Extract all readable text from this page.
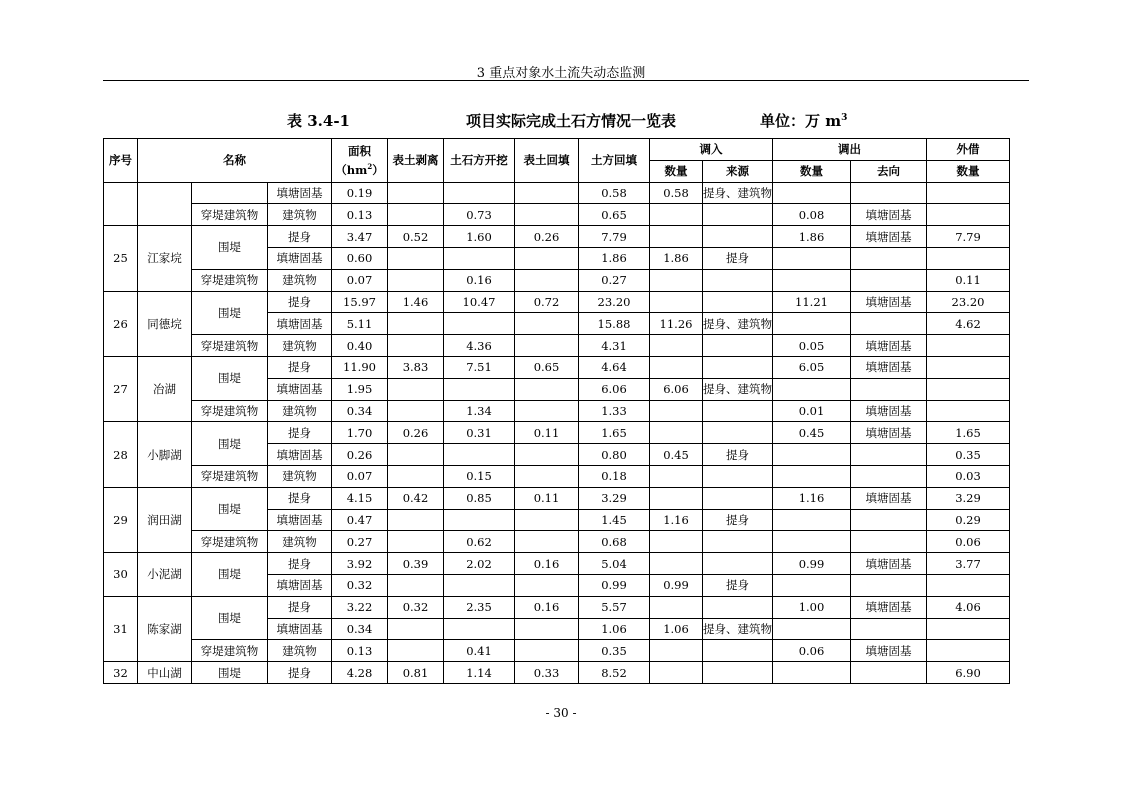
3 重点对象水土流失动态监测
表 3.4-1	项目实际完成土石方情况一览表	单位：万 $m^3$
序号	名称			面积
$(hm^2)$	表土剥离	土石方开挖	表土回填	土方回填	调入		调出		外借
									数量	来源	数量	去向	数量
			填塘固基	0.19				0.58	0.58	提身、建筑物			
		穿堤建筑物	建筑物	0.13		0.73		0.65			0.08	填塘固基	
25	江家垸	围堤	提身	3.47	0.52	1.60	0.26	7.79			1.86	填塘固基	7.79
			填塘固基	0.60				1.86	1.86	提身			
		穿堤建筑物	建筑物	0.07		0.16		0.27					0.11
26	同德垸	围堤	提身	15.97	1.46	10.47	0.72	23.20			11.21	填塘固基	23.20
			填塘固基	5.11				15.88	11.26	提身、建筑物			4.62
		穿堤建筑物	建筑物	0.40		4.36		4.31			0.05	填塘固基	
27	冶湖	围堤	提身	11.90	3.83	7.51	0.65	4.64			6.05	填塘固基	
			填塘固基	1.95				6.06	6.06	提身、建筑物			
		穿堤建筑物	建筑物	0.34		1.34		1.33			0.01	填塘固基	
28	小脚湖	围堤	提身	1.70	0.26	0.31	0.11	1.65			0.45	填塘固基	1.65
			填塘固基	0.26				0.80	0.45	提身			0.35
		穿堤建筑物	建筑物	0.07		0.15		0.18					0.03
29	润田湖	围堤	提身	4.15	0.42	0.85	0.11	3.29			1.16	填塘固基	3.29
			填塘固基	0.47				1.45	1.16	提身			0.29
		穿堤建筑物	建筑物	0.27		0.62		0.68					0.06
30	小泥湖	围堤	提身	3.92	0.39	2.02	0.16	5.04			0.99	填塘固基	3.77
			填塘固基	0.32				0.99	0.99	提身			
31	陈家湖	围堤	提身	3.22	0.32	2.35	0.16	5.57			1.00	填塘固基	4.06
			填塘固基	0.34				1.06	1.06	提身、建筑物			
		穿堤建筑物	建筑物	0.13		0.41		0.35			0.06	填塘固基	
32	中山湖	围堤	提身	4.28	0.81	1.14	0.33	8.52					6.90
- 30 -
